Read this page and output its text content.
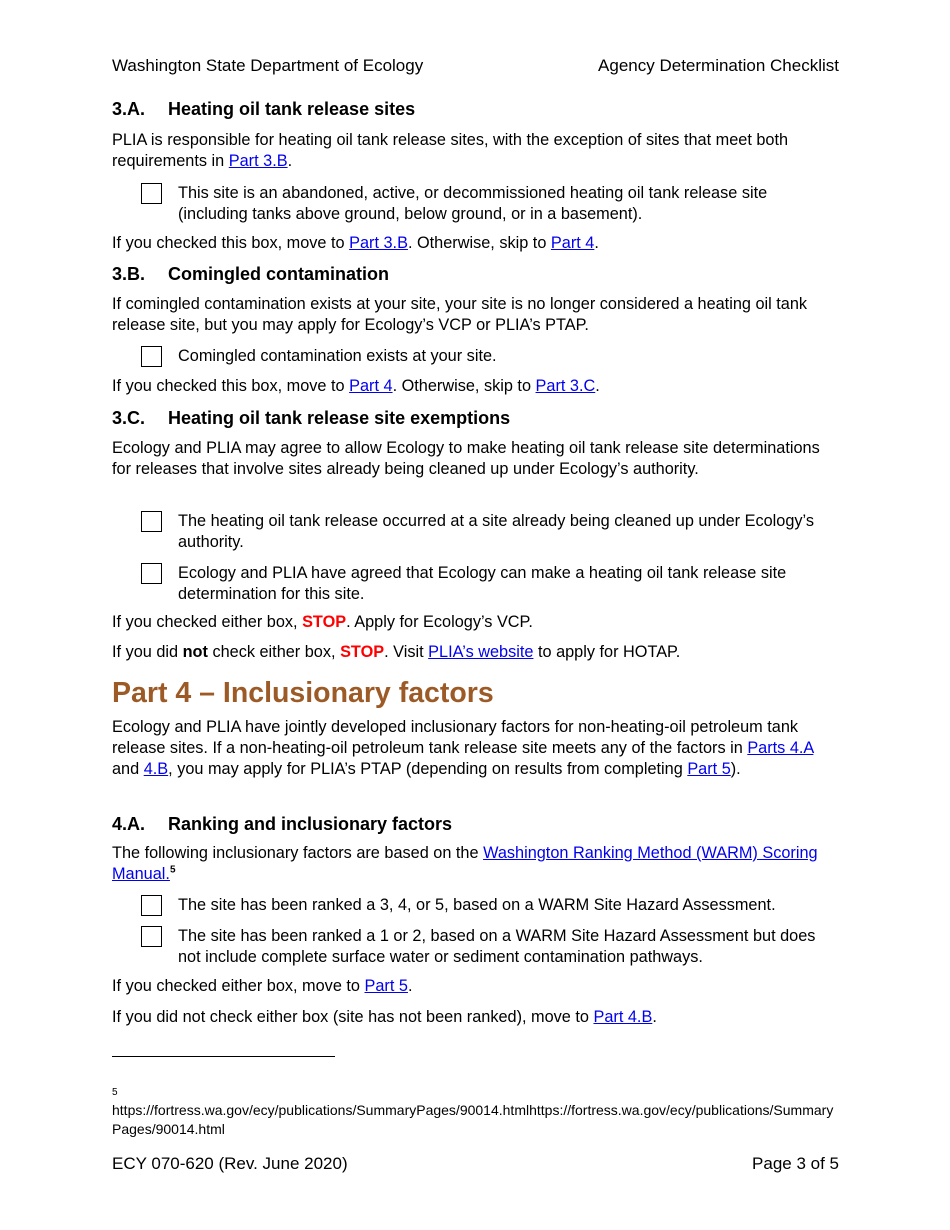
Washington State Department of Ecology	Agency Determination Checklist
3.A. Heating oil tank release sites

PLIA is responsible for heating oil tank release sites, with the exception of sites that meet both requirements in Part 3.B.

This site is an abandoned, active, or decommissioned heating oil tank release site (including tanks above ground, below ground, or in a basement).

If you checked this box, move to Part 3.B. Otherwise, skip to Part 4.

3.B. Comingled contamination

If comingled contamination exists at your site, your site is no longer considered a heating oil tank release site, but you may apply for Ecology’s VCP or PLIA’s PTAP.

Comingled contamination exists at your site.

If you checked this box, move to Part 4. Otherwise, skip to Part 3.C.

3.C. Heating oil tank release site exemptions

Ecology and PLIA may agree to allow Ecology to make heating oil tank release site determinations for releases that involve sites already being cleaned up under Ecology’s authority.

The heating oil tank release occurred at a site already being cleaned up under Ecology’s authority.

Ecology and PLIA have agreed that Ecology can make a heating oil tank release site determination for this site.

If you checked either box, STOP. Apply for Ecology’s VCP.

If you did not check either box, STOP. Visit PLIA’s website to apply for HOTAP.

Part 4 – Inclusionary factors

Ecology and PLIA have jointly developed inclusionary factors for non-heating-oil petroleum tank release sites. If a non-heating-oil petroleum tank release site meets any of the factors in Parts 4.A and 4.B, you may apply for PLIA’s PTAP (depending on results from completing Part 5).

4.A. Ranking and inclusionary factors

The following inclusionary factors are based on the Washington Ranking Method (WARM) Scoring Manual.$^5$

The site has been ranked a 3, 4, or 5, based on a WARM Site Hazard Assessment.

The site has been ranked a 1 or 2, based on a WARM Site Hazard Assessment but does not include complete surface water or sediment contamination pathways.

If you checked either box, move to Part 5.

If you did not check either box (site has not been ranked), move to Part 4.B.

5
https://fortress.wa.gov/ecy/publications/SummaryPages/90014.htmlhttps://fortress.wa.gov/ecy/publications/SummaryPages/90014.html
ECY 070-620 (Rev. June 2020)	Page 3 of 5
